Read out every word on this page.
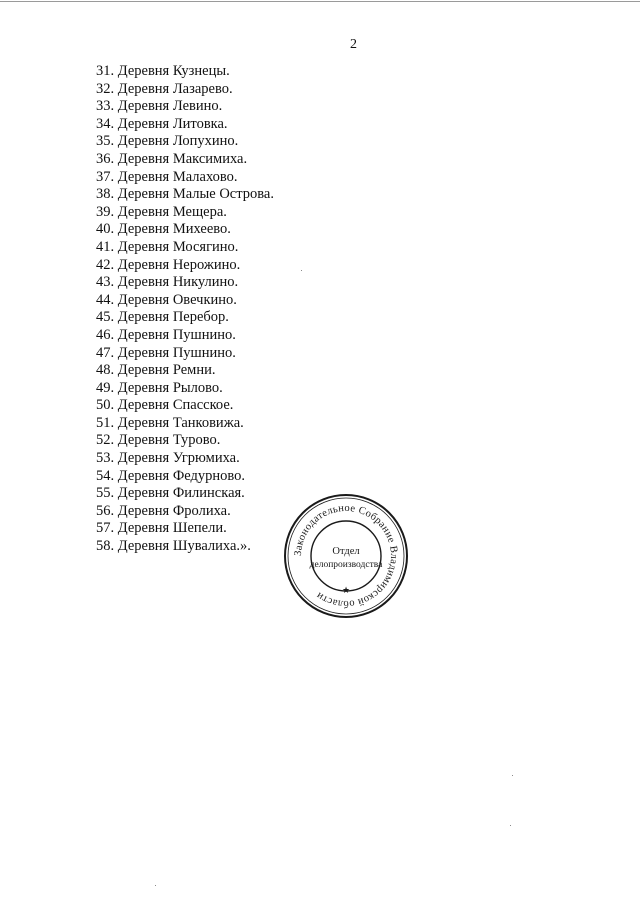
2
31. Деревня Кузнецы.
32. Деревня Лазарево.
33. Деревня Левино.
34. Деревня Литовка.
35. Деревня Лопухино.
36. Деревня Максимиха.
37. Деревня Малахово.
38. Деревня Малые Острова.
39. Деревня Мещера.
40. Деревня Михеево.
41. Деревня Мосягино.
42. Деревня Нерожино.
43. Деревня Никулино.
44. Деревня Овечкино.
45. Деревня Перебор.
46. Деревня Пушнино.
47. Деревня Пушнино.
48. Деревня Ремни.
49. Деревня Рылово.
50. Деревня Спасское.
51. Деревня Танковижа.
52. Деревня Турово.
53. Деревня Угрюмиха.
54. Деревня Федурново.
55. Деревня Филинская.
56. Деревня Фролиха.
57. Деревня Шепели.
58. Деревня Шувалиха.».	Законодательное Собрание Владимирской области	★
Отдел
делопроизводства
